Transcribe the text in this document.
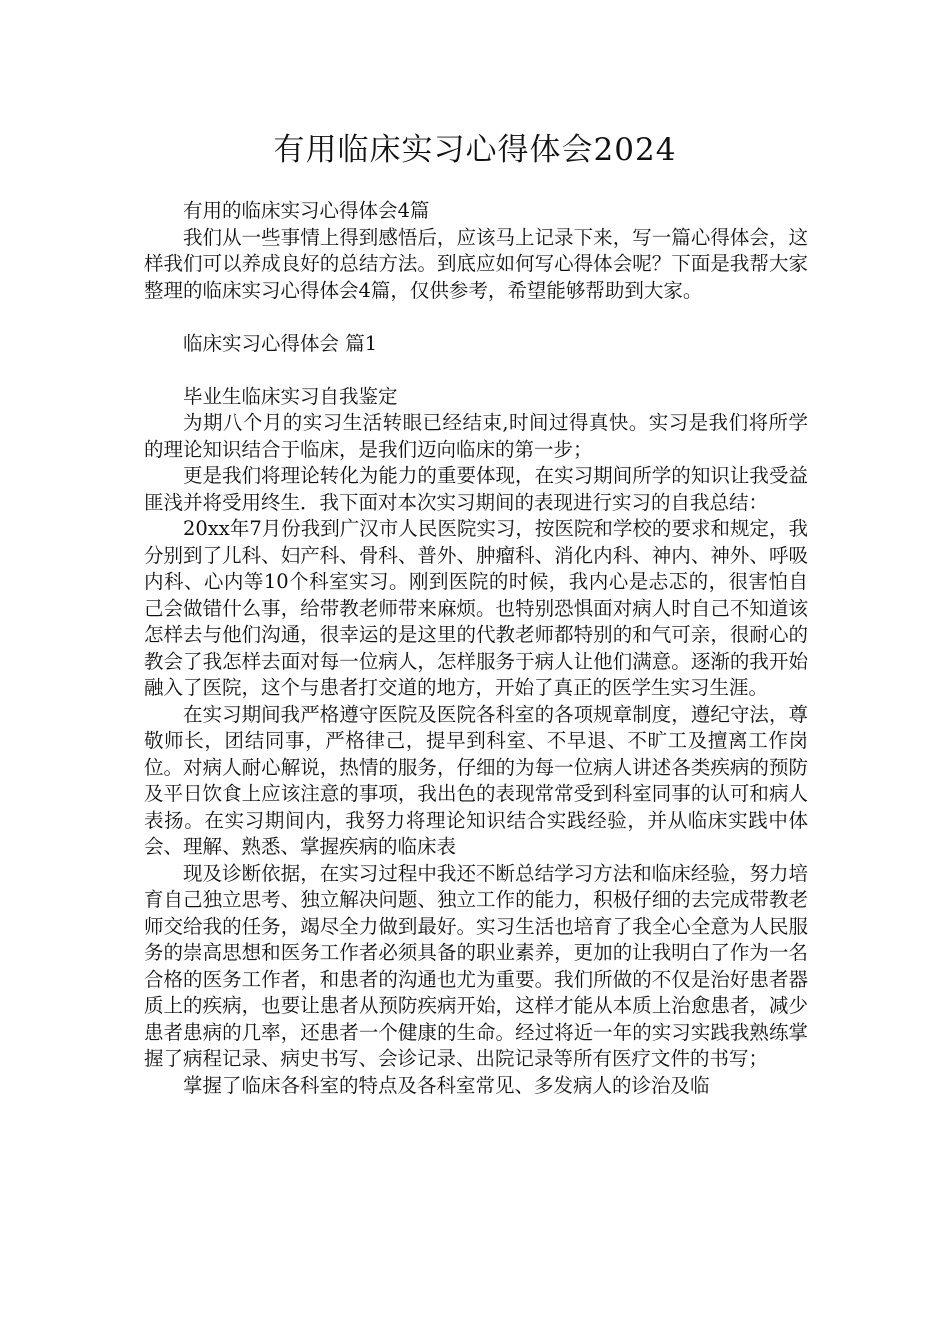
有用临床实习心得体会2024

有用的临床实习心得体会4篇

我们从一些事情上得到感悟后，应该马上记录下来，写一篇心得体会，这样我们可以养成良好的总结方法。到底应如何写心得体会呢？下面是我帮大家整理的临床实习心得体会4篇，仅供参考，希望能够帮助到大家。

临床实习心得体会 篇1

毕业生临床实习自我鉴定

为期八个月的实习生活转眼已经结束,时间过得真快。实习是我们将所学的理论知识结合于临床，是我们迈向临床的第一步；

更是我们将理论转化为能力的重要体现，在实习期间所学的知识让我受益匪浅并将受用终生．我下面对本次实习期间的表现进行实习的自我总结：

20xx年7月份我到广汉市人民医院实习，按医院和学校的要求和规定，我分别到了儿科、妇产科、骨科、普外、肿瘤科、消化内科、神内、神外、呼吸内科、心内等10个科室实习。刚到医院的时候，我内心是忐忑的，很害怕自己会做错什么事，给带教老师带来麻烦。也特别恐惧面对病人时自己不知道该怎样去与他们沟通，很幸运的是这里的代教老师都特别的和气可亲，很耐心的教会了我怎样去面对每一位病人，怎样服务于病人让他们满意。逐渐的我开始融入了医院，这个与患者打交道的地方，开始了真正的医学生实习生涯。

在实习期间我严格遵守医院及医院各科室的各项规章制度，遵纪守法，尊敬师长，团结同事，严格律己，提早到科室、不早退、不旷工及擅离工作岗位。对病人耐心解说，热情的服务，仔细的为每一位病人讲述各类疾病的预防及平日饮食上应该注意的事项，我出色的表现常常受到科室同事的认可和病人表扬。在实习期间内，我努力将理论知识结合实践经验，并从临床实践中体会、理解、熟悉、掌握疾病的临床表

现及诊断依据，在实习过程中我还不断总结学习方法和临床经验，努力培育自己独立思考、独立解决问题、独立工作的能力，积极仔细的去完成带教老师交给我的任务，竭尽全力做到最好。实习生活也培育了我全心全意为人民服务的崇高思想和医务工作者必须具备的职业素养，更加的让我明白了作为一名合格的医务工作者，和患者的沟通也尤为重要。我们所做的不仅是治好患者器质上的疾病，也要让患者从预防疾病开始，这样才能从本质上治愈患者，减少患者患病的几率，还患者一个健康的生命。经过将近一年的实习实践我熟练掌握了病程记录、病史书写、会诊记录、出院记录等所有医疗文件的书写；

掌握了临床各科室的特点及各科室常见、多发病人的诊治及临
